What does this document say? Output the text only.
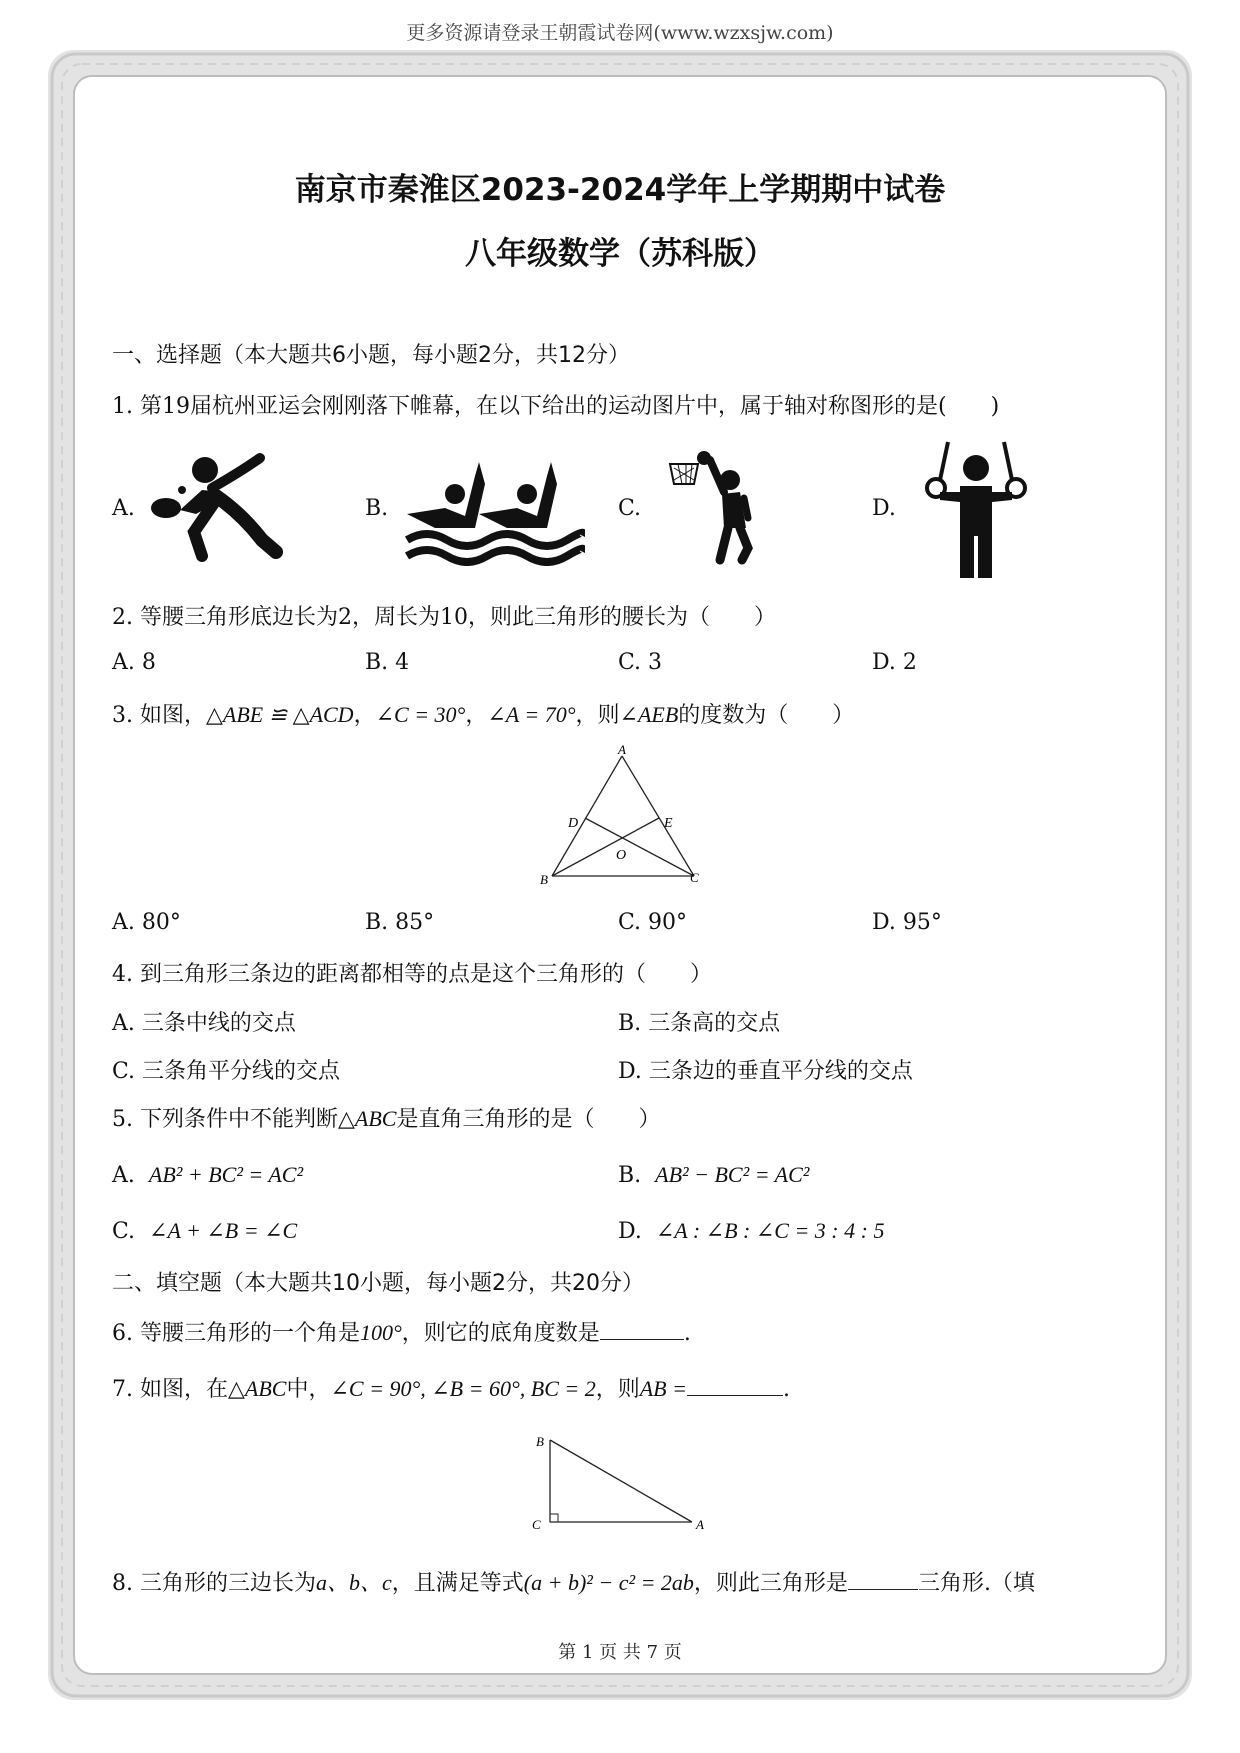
更多资源请登录王朝霞试卷网(www.wzxsjw.com)
南京市秦淮区2023-2024学年上学期期中试卷
八年级数学（苏科版）
一、选择题（本大题共6小题，每小题2分，共12分）
1. 第19届杭州亚运会刚刚落下帷幕，在以下给出的运动图片中，属于轴对称图形的是(　　)
A.	B.	C.	D.
2. 等腰三角形底边长为2，周长为10，则此三角形的腰长为（　　）
A. 8	B. 4	C. 3	D. 2
3. 如图，△ABE ≌ △ACD，∠C = 30°，∠A = 70°，则∠AEB的度数为（　　）
A
D	E
O
B	C
A. 80°	B. 85°	C. 90°	D. 95°
4. 到三角形三条边的距离都相等的点是这个三角形的（　　）
A. 三条中线的交点	B. 三条高的交点
C. 三条角平分线的交点	D. 三条边的垂直平分线的交点
5. 下列条件中不能判断△ABC是直角三角形的是（　　）
A. AB² + BC² = AC²	B. AB² − BC² = AC²
C. ∠A + ∠B = ∠C	D. ∠A : ∠B : ∠C = 3 : 4 : 5
二、填空题（本大题共10小题，每小题2分，共20分）
6. 等腰三角形的一个角是100°，则它的底角度数是	.
7. 如图，在△ABC中，∠C = 90°, ∠B = 60°, BC = 2，则AB =	.
B
C	A
8. 三角形的三边长为a、b、c，且满足等式(a + b)² − c² = 2ab，则此三角形是	三角形.（填
第 1 页 共 7 页
